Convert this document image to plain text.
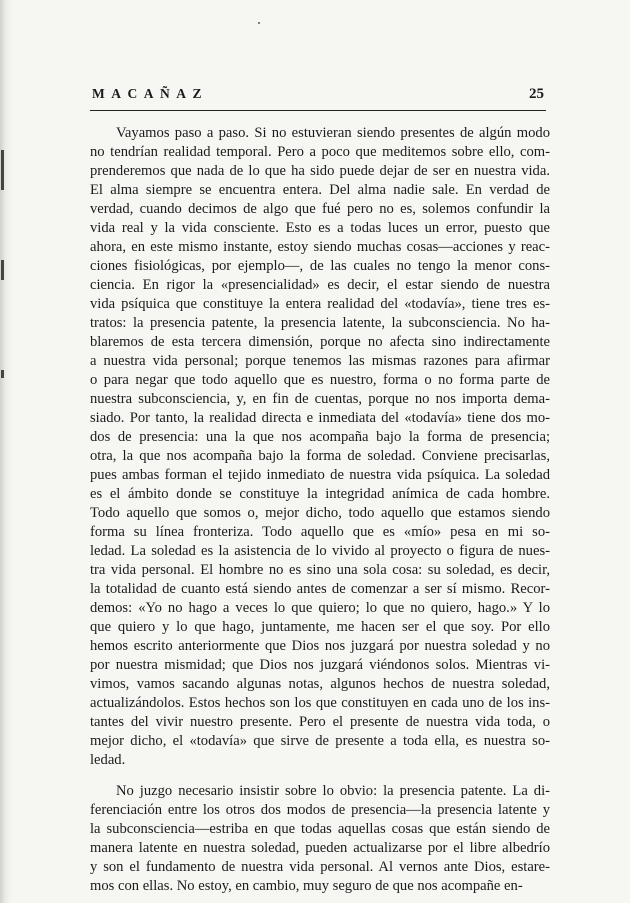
MACAÑAZ	25
Vayamos paso a paso. Si no estuvieran siendo presentes de algún modo
no tendrían realidad temporal. Pero a poco que meditemos sobre ello, com-
prenderemos que nada de lo que ha sido puede dejar de ser en nuestra vida.
El alma siempre se encuentra entera. Del alma nadie sale. En verdad de
verdad, cuando decimos de algo que fué pero no es, solemos confundir la
vida real y la vida consciente. Esto es a todas luces un error, puesto que
ahora, en este mismo instante, estoy siendo muchas cosas—acciones y reac-
ciones fisiológicas, por ejemplo—, de las cuales no tengo la menor cons-
ciencia. En rigor la «presencialidad» es decir, el estar siendo de nuestra
vida psíquica que constituye la entera realidad del «todavía», tiene tres es-
tratos: la presencia patente, la presencia latente, la subconsciencia. No ha-
blaremos de esta tercera dimensión, porque no afecta sino indirectamente
a nuestra vida personal; porque tenemos las mismas razones para afirmar
o para negar que todo aquello que es nuestro, forma o no forma parte de
nuestra subconsciencia, y, en fin de cuentas, porque no nos importa dema-
siado. Por tanto, la realidad directa e inmediata del «todavía» tiene dos mo-
dos de presencia: una la que nos acompaña bajo la forma de presencia;
otra, la que nos acompaña bajo la forma de soledad. Conviene precisarlas,
pues ambas forman el tejido inmediato de nuestra vida psíquica. La soledad
es el ámbito donde se constituye la integridad anímica de cada hombre.
Todo aquello que somos o, mejor dicho, todo aquello que estamos siendo
forma su línea fronteriza. Todo aquello que es «mío» pesa en mi so-
ledad. La soledad es la asistencia de lo vivido al proyecto o figura de nues-
tra vida personal. El hombre no es sino una sola cosa: su soledad, es decir,
la totalidad de cuanto está siendo antes de comenzar a ser sí mismo. Recor-
demos: «Yo no hago a veces lo que quiero; lo que no quiero, hago.» Y lo
que quiero y lo que hago, juntamente, me hacen ser el que soy. Por ello
hemos escrito anteriormente que Dios nos juzgará por nuestra soledad y no
por nuestra mismidad; que Dios nos juzgará viéndonos solos. Mientras vi-
vimos, vamos sacando algunas notas, algunos hechos de nuestra soledad,
actualizándolos. Estos hechos son los que constituyen en cada uno de los ins-
tantes del vivir nuestro presente. Pero el presente de nuestra vida toda, o
mejor dicho, el «todavía» que sirve de presente a toda ella, es nuestra so-
ledad.
No juzgo necesario insistir sobre lo obvio: la presencia patente. La di-
ferenciación entre los otros dos modos de presencia—la presencia latente y
la subconsciencia—estriba en que todas aquellas cosas que están siendo de
manera latente en nuestra soledad, pueden actualizarse por el libre albedrío
y son el fundamento de nuestra vida personal. Al vernos ante Dios, estare-
mos con ellas. No estoy, en cambio, muy seguro de que nos acompañe en-
